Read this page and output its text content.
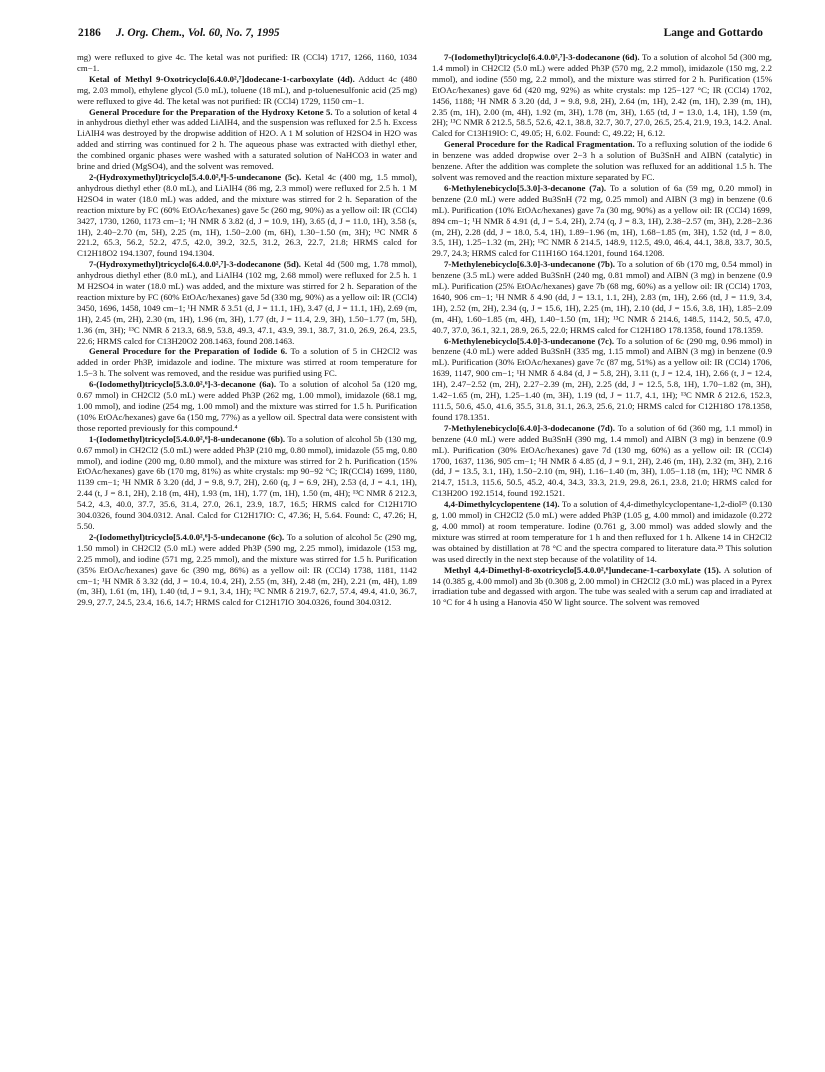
2186 J. Org. Chem., Vol. 60, No. 7, 1995	Lange and Gottardo

mg) were refluxed to give 4c. The ketal was not purified: IR (CCl4) 1717, 1266, 1160, 1034 cm−1.

Ketal of Methyl 9-Oxotricyclo[6.4.0.0²,⁷]dodecane-1-carboxylate (4d). Adduct 4c (480 mg, 2.03 mmol), ethylene glycol (5.0 mL), toluene (18 mL), and p-toluenesulfonic acid (25 mg) were refluxed to give 4d. The ketal was not purified: IR (CCl4) 1729, 1150 cm−1.

General Procedure for the Preparation of the Hydroxy Ketone 5. To a solution of ketal 4 in anhydrous diethyl ether was added LiAlH4, and the suspension was refluxed for 2.5 h. Excess LiAlH4 was destroyed by the dropwise addition of H2O. A 1 M solution of H2SO4 in H2O was added and stirring was continued for 2 h. The aqueous phase was extracted with diethyl ether, the combined organic phases were washed with a saturated solution of NaHCO3 in water and brine and dried (MgSO4), and the solvent was removed.

2-(Hydroxymethyl)tricyclo[5.4.0.0²,⁸]-5-undecanone (5c). Ketal 4c (400 mg, 1.5 mmol), anhydrous diethyl ether (8.0 mL), and LiAlH4 (86 mg, 2.3 mmol) were refluxed for 2.5 h. 1 M H2SO4 in water (18.0 mL) was added, and the mixture was stirred for 2 h. Separation of the reaction mixture by FC (60% EtOAc/hexanes) gave 5c (260 mg, 90%) as a yellow oil: IR (CCl4) 3427, 1730, 1260, 1173 cm−1; ¹H NMR δ 3.82 (d, J = 10.9, 1H), 3.65 (d, J = 11.0, 1H), 3.58 (s, 1H), 2.40−2.70 (m, 5H), 2.25 (m, 1H), 1.50−2.00 (m, 6H), 1.30−1.50 (m, 3H); ¹³C NMR δ 221.2, 65.3, 56.2, 52.2, 47.5, 42.0, 39.2, 32.5, 31.2, 26.3, 22.7, 21.8; HRMS calcd for C12H18O2 194.1307, found 194.1304.

7-(Hydroxymethyl)tricyclo[6.4.0.0²,⁷]-3-dodecanone (5d). Ketal 4d (500 mg, 1.78 mmol), anhydrous diethyl ether (8.0 mL), and LiAlH4 (102 mg, 2.68 mmol) were refluxed for 2.5 h. 1 M H2SO4 in water (18.0 mL) was added, and the mixture was stirred for 2 h. Separation of the reaction mixture by FC (60% EtOAc/hexanes) gave 5d (330 mg, 90%) as a yellow oil: IR (CCl4) 3450, 1696, 1458, 1049 cm−1; ¹H NMR δ 3.51 (d, J = 11.1, 1H), 3.47 (d, J = 11.1, 1H), 2.69 (m, 1H), 2.45 (m, 2H), 2.30 (m, 1H), 1.96 (m, 3H), 1.77 (dt, J = 11.4, 2.9, 3H), 1.50−1.77 (m, 5H), 1.36 (m, 3H); ¹³C NMR δ 213.3, 68.9, 53.8, 49.3, 47.1, 43.9, 39.1, 38.7, 31.0, 26.9, 26.4, 23.5, 22.6; HRMS calcd for C13H20O2 208.1463, found 208.1463.

General Procedure for the Preparation of Iodide 6. To a solution of 5 in CH2Cl2 was added in order Ph3P, imidazole and iodine. The mixture was stirred at room temperature for 1.5−3 h. The solvent was removed, and the residue was purified using FC.

6-(Iodomethyl)tricyclo[5.3.0.0²,⁶]-3-decanone (6a). To a solution of alcohol 5a (120 mg, 0.67 mmol) in CH2Cl2 (5.0 mL) were added Ph3P (262 mg, 1.00 mmol), imidazole (68.1 mg, 1.00 mmol), and iodine (254 mg, 1.00 mmol) and the mixture was stirred for 1.5 h. Purification (10% EtOAc/hexanes) gave 6a (150 mg, 77%) as a yellow oil. Spectral data were consistent with those reported previously for this compound.⁴

1-(Iodomethyl)tricyclo[5.4.0.0²,⁶]-8-undecanone (6b). To a solution of alcohol 5b (130 mg, 0.67 mmol) in CH2Cl2 (5.0 mL) were added Ph3P (210 mg, 0.80 mmol), imidazole (55 mg, 0.80 mmol), and iodine (200 mg, 0.80 mmol), and the mixture was stirred for 2 h. Purification (15% EtOAc/hexanes) gave 6b (170 mg, 81%) as white crystals: mp 90−92 °C; IR(CCl4) 1699, 1180, 1139 cm−1; ¹H NMR δ 3.20 (dd, J = 9.8, 9.7, 2H), 2.60 (q, J = 6.9, 2H), 2.53 (d, J = 4.1, 1H), 2.44 (t, J = 8.1, 2H), 2.18 (m, 4H), 1.93 (m, 1H), 1.77 (m, 1H), 1.50 (m, 4H); ¹³C NMR δ 212.3, 54.2, 4.3, 40.0, 37.7, 35.6, 31.4, 27.0, 26.1, 23.9, 18.7, 16.5; HRMS calcd for C12H17IO 304.0326, found 304.0312. Anal. Calcd for C12H17IO: C, 47.36; H, 5.64. Found: C, 47.26; H, 5.50.

2-(Iodomethyl)tricyclo[5.4.0.0²,⁶]-5-undecanone (6c). To a solution of alcohol 5c (290 mg, 1.50 mmol) in CH2Cl2 (5.0 mL) were added Ph3P (590 mg, 2.25 mmol), imidazole (153 mg, 2.25 mmol), and iodine (571 mg, 2.25 mmol), and the mixture was stirred for 1.5 h. Purification (35% EtOAc/hexanes) gave 6c (390 mg, 86%) as a yellow oil: IR (CCl4) 1738, 1181, 1142 cm−1; ¹H NMR δ 3.32 (dd, J = 10.4, 10.4, 2H), 2.55 (m, 3H), 2.48 (m, 2H), 2.21 (m, 4H), 1.89 (m, 3H), 1.61 (m, 1H), 1.40 (td, J = 9.1, 3.4, 1H); ¹³C NMR δ 219.7, 62.7, 57.4, 49.4, 41.0, 36.7, 29.9, 27.7, 24.5, 23.4, 16.6, 14.7; HRMS calcd for C12H17IO 304.0326, found 304.0312.

7-(Iodomethyl)tricyclo[6.4.0.0²,⁷]-3-dodecanone (6d). To a solution of alcohol 5d (300 mg, 1.4 mmol) in CH2Cl2 (5.0 mL) were added Ph3P (570 mg, 2.2 mmol), imidazole (150 mg, 2.2 mmol), and iodine (550 mg, 2.2 mmol), and the mixture was stirred for 2 h. Purification (15% EtOAc/hexanes) gave 6d (420 mg, 92%) as white crystals: mp 125−127 °C; IR (CCl4) 1702, 1456, 1188; ¹H NMR δ 3.20 (dd, J = 9.8, 9.8, 2H), 2.64 (m, 1H), 2.42 (m, 1H), 2.39 (m, 1H), 2.35 (m, 1H), 2.00 (m, 4H), 1.92 (m, 3H), 1.78 (m, 3H), 1.65 (td, J = 13.0, 1.4, 1H), 1.59 (m, 2H); ¹³C NMR δ 212.5, 58.5, 52.6, 42.1, 38.8, 32.7, 30.7, 27.0, 26.5, 25.4, 21.9, 19.3, 14.2. Anal. Calcd for C13H19IO: C, 49.05; H, 6.02. Found: C, 49.22; H, 6.12.

General Procedure for the Radical Fragmentation. To a refluxing solution of the iodide 6 in benzene was added dropwise over 2−3 h a solution of Bu3SnH and AIBN (catalytic) in benzene. After the addition was complete the solution was refluxed for an additional 1.5 h. The solvent was removed and the reaction mixture separated by FC.

6-Methylenebicyclo[5.3.0]-3-decanone (7a). To a solution of 6a (59 mg, 0.20 mmol) in benzene (2.0 mL) were added Bu3SnH (72 mg, 0.25 mmol) and AIBN (3 mg) in benzene (0.6 mL). Purification (10% EtOAc/hexanes) gave 7a (30 mg, 90%) as a yellow oil: IR (CCl4) 1699, 894 cm−1; ¹H NMR δ 4.91 (d, J = 5.4, 2H), 2.74 (q, J = 8.3, 1H), 2.38−2.57 (m, 3H), 2.28−2.36 (m, 2H), 2.28 (dd, J = 18.0, 5.4, 1H), 1.89−1.96 (m, 1H), 1.68−1.85 (m, 3H), 1.52 (td, J = 8.0, 3.5, 1H), 1.25−1.32 (m, 2H); ¹³C NMR δ 214.5, 148.9, 112.5, 49.0, 46.4, 44.1, 38.8, 33.7, 30.5, 29.7, 24.3; HRMS calcd for C11H16O 164.1201, found 164.1208.

7-Methylenebicyclo[6.3.0]-3-undecanone (7b). To a solution of 6b (170 mg, 0.54 mmol) in benzene (3.5 mL) were added Bu3SnH (240 mg, 0.81 mmol) and AIBN (3 mg) in benzene (0.9 mL). Purification (25% EtOAc/hexanes) gave 7b (68 mg, 60%) as a yellow oil: IR (CCl4) 1703, 1640, 906 cm−1; ¹H NMR δ 4.90 (dd, J = 13.1, 1.1, 2H), 2.83 (m, 1H), 2.66 (td, J = 11.9, 3.4, 1H), 2.52 (m, 2H), 2.34 (q, J = 15.6, 1H), 2.25 (m, 1H), 2.10 (dd, J = 15.6, 3.8, 1H), 1.85−2.09 (m, 4H), 1.60−1.85 (m, 4H), 1.40−1.50 (m, 1H); ¹³C NMR δ 214.6, 148.5, 114.2, 50.5, 47.0, 40.7, 37.0, 36.1, 32.1, 28.9, 26.5, 22.0; HRMS calcd for C12H18O 178.1358, found 178.1359.

6-Methylenebicyclo[5.4.0]-3-undecanone (7c). To a solution of 6c (290 mg, 0.96 mmol) in benzene (4.0 mL) were added Bu3SnH (335 mg, 1.15 mmol) and AIBN (3 mg) in benzene (0.9 mL). Purification (30% EtOAc/hexanes) gave 7c (87 mg, 51%) as a yellow oil: IR (CCl4) 1706, 1639, 1147, 900 cm−1; ¹H NMR δ 4.84 (d, J = 5.8, 2H), 3.11 (t, J = 12.4, 1H), 2.66 (t, J = 12.4, 1H), 2.47−2.52 (m, 2H), 2.27−2.39 (m, 2H), 2.25 (dd, J = 12.5, 5.8, 1H), 1.70−1.82 (m, 3H), 1.42−1.65 (m, 2H), 1.25−1.40 (m, 3H), 1.19 (td, J = 11.7, 4.1, 1H); ¹³C NMR δ 212.6, 152.3, 111.5, 50.6, 45.0, 41.6, 35.5, 31.8, 31.1, 26.3, 25.6, 21.0; HRMS calcd for C12H18O 178.1358, found 178.1351.

7-Methylenebicyclo[6.4.0]-3-dodecanone (7d). To a solution of 6d (360 mg, 1.1 mmol) in benzene (4.0 mL) were added Bu3SnH (390 mg, 1.4 mmol) and AIBN (3 mg) in benzene (0.9 mL). Purification (30% EtOAc/hexanes) gave 7d (130 mg, 60%) as a yellow oil: IR (CCl4) 1700, 1637, 1136, 905 cm−1; ¹H NMR δ 4.85 (d, J = 9.1, 2H), 2.46 (m, 1H), 2.32 (m, 3H), 2.16 (dd, J = 13.5, 3.1, 1H), 1.50−2.10 (m, 9H), 1.16−1.40 (m, 3H), 1.05−1.18 (m, 1H); ¹³C NMR δ 214.7, 151.3, 115.6, 50.5, 45.2, 40.4, 34.3, 33.3, 21.9, 29.8, 26.1, 23.8, 21.0; HRMS calcd for C13H20O 192.1514, found 192.1521.

4,4-Dimethylcyclopentene (14). To a solution of 4,4-dimethylcyclopentane-1,2-diol²⁵ (0.130 g, 1.00 mmol) in CH2Cl2 (5.0 mL) were added Ph3P (1.05 g, 4.00 mmol) and imidazole (0.272 g, 4.00 mmol) at room temperature. Iodine (0.761 g, 3.00 mmol) was added slowly and the mixture was stirred at room temperature for 1 h and then refluxed for 1 h. Alkene 14 in CH2Cl2 was obtained by distillation at 78 °C and the spectra compared to literature data.²⁵ This solution was used directly in the next step because of the volatility of 14.

Methyl 4,4-Dimethyl-8-oxotricyclo[5.4.0.0²,⁶]undecane-1-carboxylate (15). A solution of 14 (0.385 g, 4.00 mmol) and 3b (0.308 g, 2.00 mmol) in CH2Cl2 (3.0 mL) was placed in a Pyrex irradiation tube and degassed with argon. The tube was sealed with a serum cap and irradiated at 10 °C for 4 h using a Hanovia 450 W light source. The solvent was removed
